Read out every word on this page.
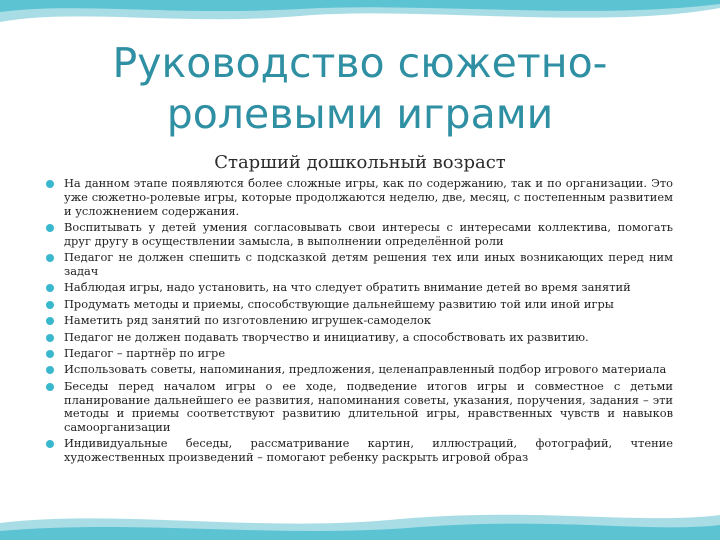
Руководство сюжетно-ролевыми играми
Старший дошкольный возраст
На данном этапе появляются более сложные игры, как по содержанию, так и по организации. Это уже сюжетно-ролевые игры, которые продолжаются неделю, две, месяц, с постепенным развитием и усложнением содержания.
Воспитывать у детей умения согласовывать свои интересы с интересами коллектива, помогать друг другу в осуществлении замысла, в выполнении определённой роли
Педагог не должен спешить с подсказкой детям решения тех или иных возникающих перед ним задач
Наблюдая игры, надо установить, на что следует обратить внимание детей во время занятий
Продумать методы и приемы, способствующие дальнейшему развитию той или иной игры
Наметить ряд занятий по изготовлению игрушек-самоделок
Педагог не должен подавать творчество и инициативу, а способствовать их развитию.
Педагог – партнёр по игре
Использовать советы, напоминания, предложения, целенаправленный подбор игрового материала
Беседы перед началом игры о ее ходе, подведение итогов игры и совместное с детьми планирование дальнейшего ее развития, напоминания советы, указания, поручения, задания – эти методы и приемы соответствуют развитию длительной игры, нравственных чувств и навыков самоорганизации
Индивидуальные беседы, рассматривание картин, иллюстраций, фотографий, чтение художественных произведений – помогают ребенку раскрыть игровой образ
